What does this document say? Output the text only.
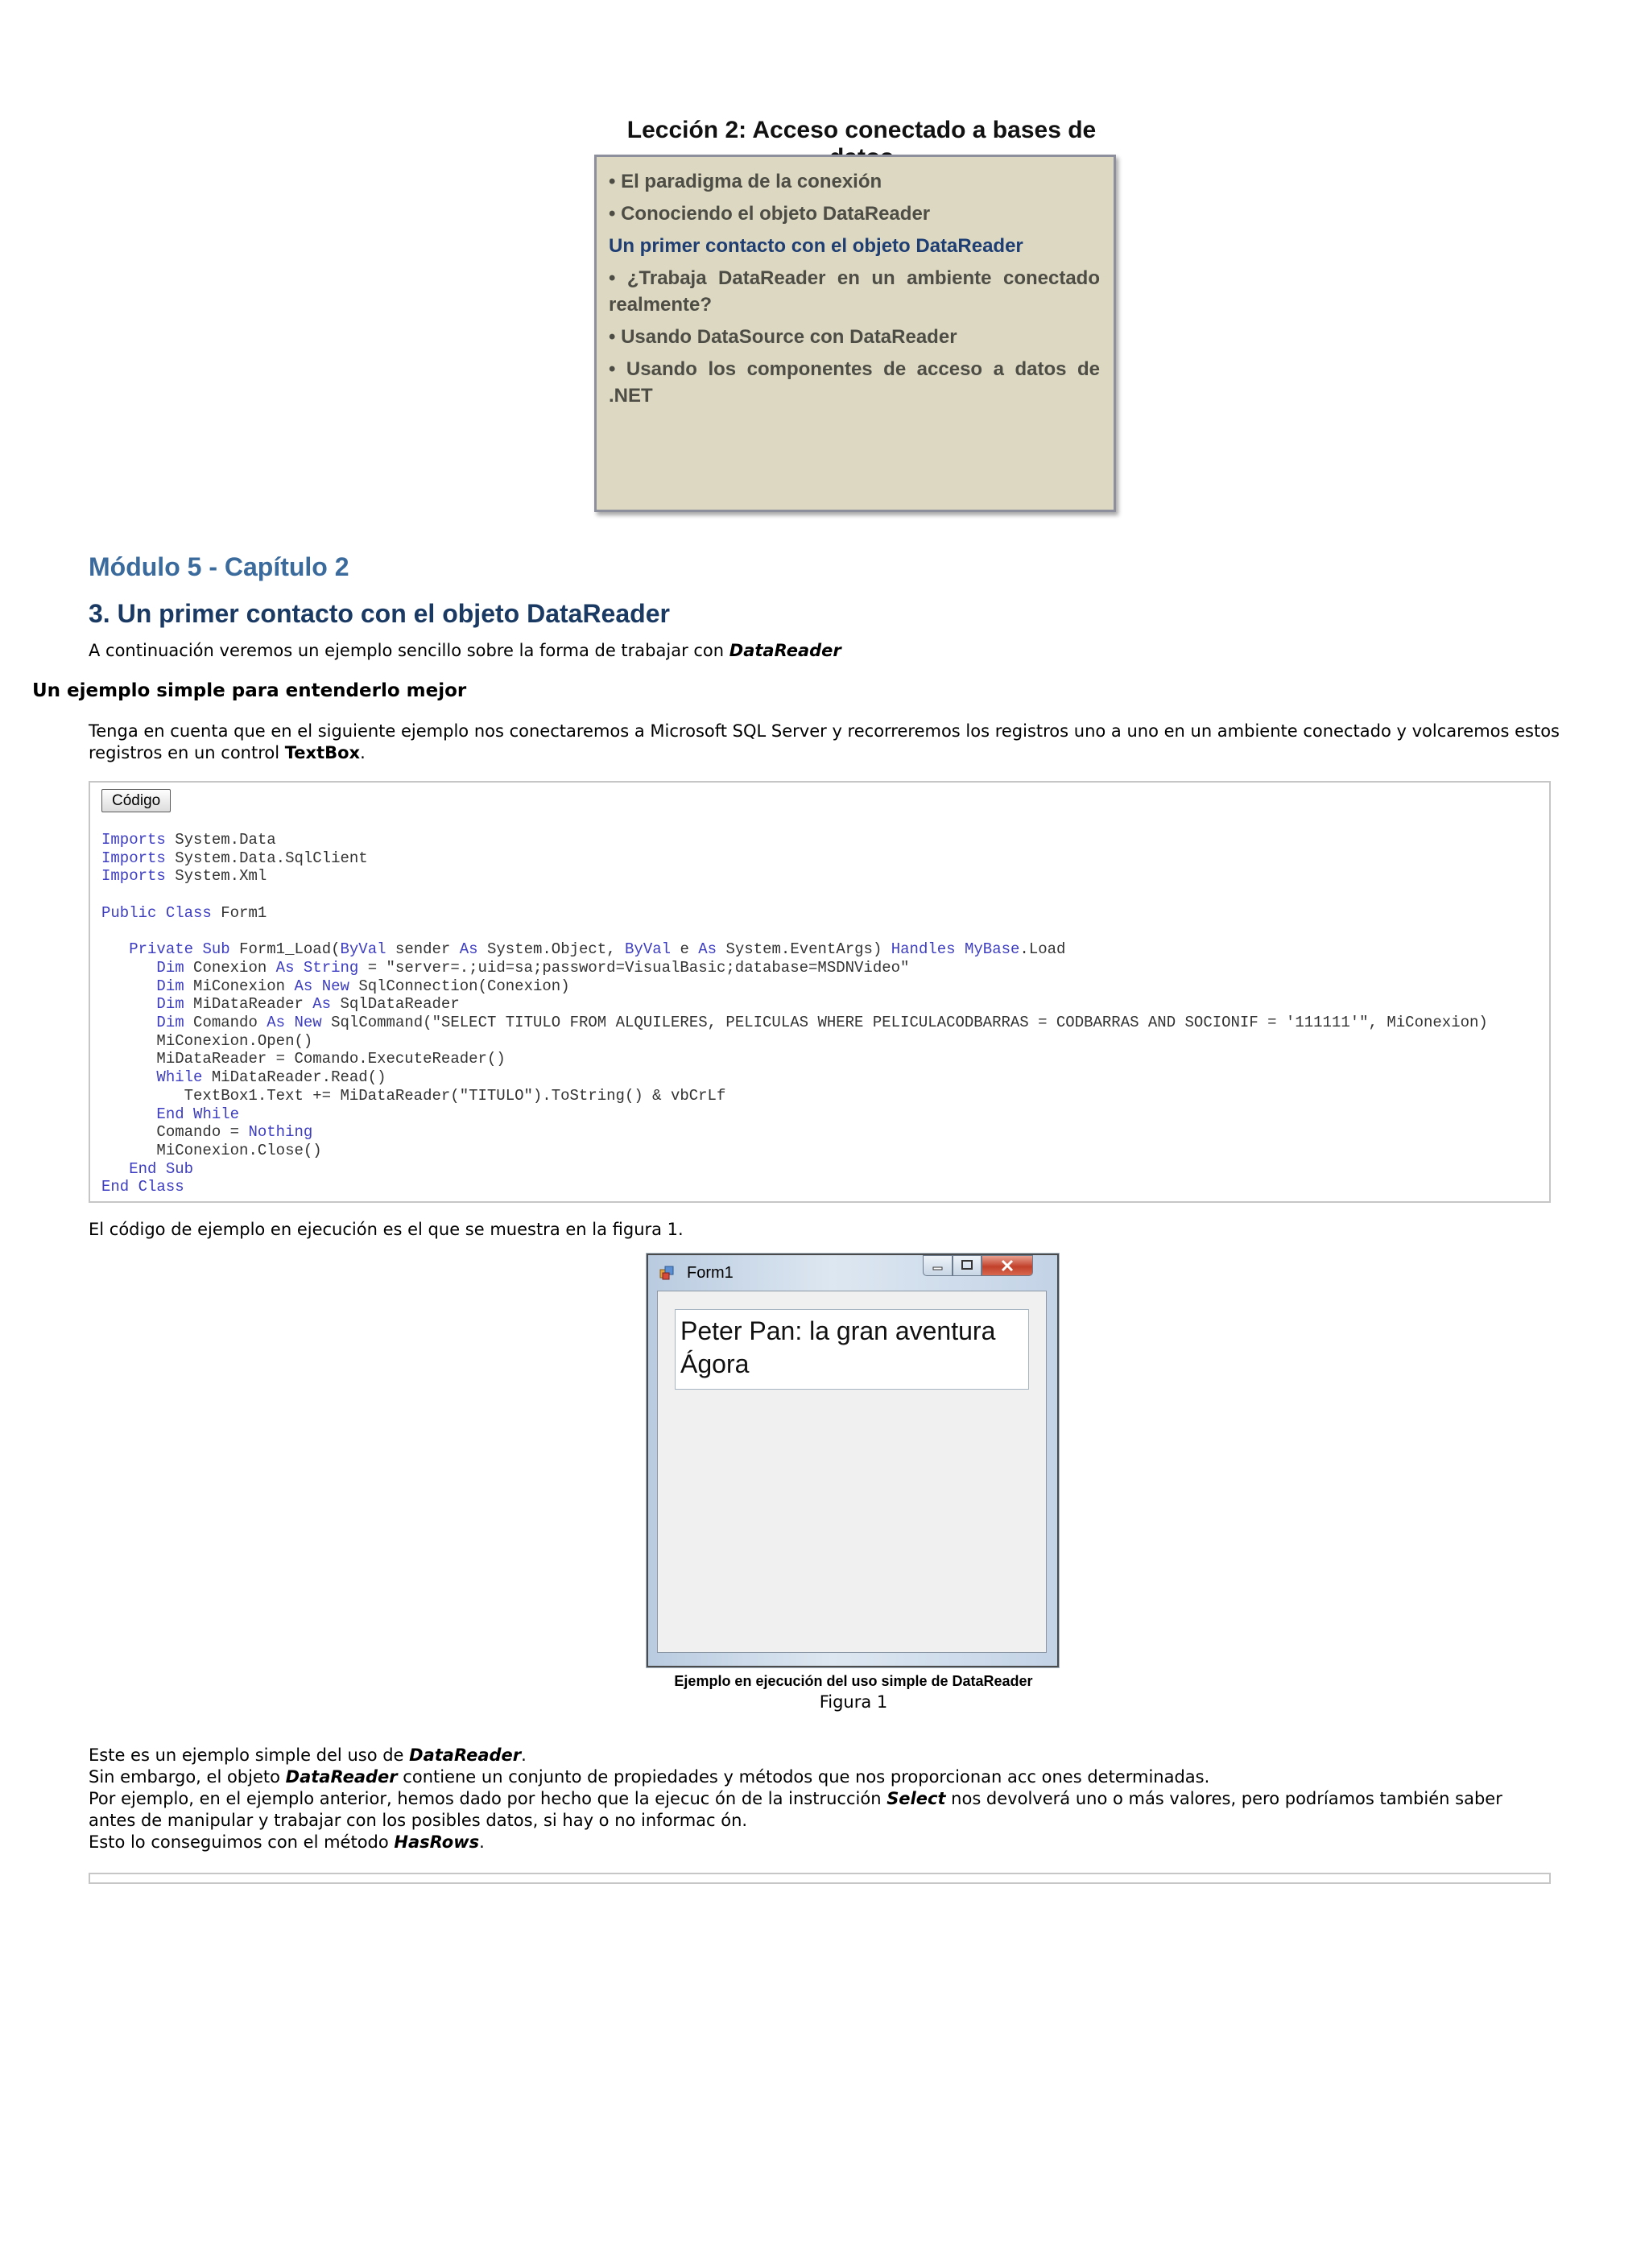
Lección 2: Acceso conectado a bases de
• El paradigma de la conexión
• Conociendo el objeto DataReader
Un primer contacto con el objeto DataReader
• ¿Trabaja DataReader en un ambiente conectado realmente?
• Usando DataSource con DataReader
• Usando los componentes de acceso a datos de .NET
Módulo 5 - Capítulo 2
3. Un primer contacto con el objeto DataReader
A continuación veremos un ejemplo sencillo sobre la forma de trabajar con DataReader
Un ejemplo simple para entenderlo mejor
Tenga en cuenta que en el siguiente ejemplo nos conectaremos a Microsoft SQL Server y recorreremos los registros uno a uno en un ambiente conectado y volcaremos estos registros en un control TextBox.
Código
Imports System.Data
Imports System.Data.SqlClient
Imports System.Xml

Public Class Form1

Private Sub Form1_Load(ByVal sender As System.Object, ByVal e As System.EventArgs) Handles MyBase.Load
Dim Conexion As String = "server=.;uid=sa;password=VisualBasic;database=MSDNVideo"
Dim MiConexion As New SqlConnection(Conexion)
Dim MiDataReader As SqlDataReader
Dim Comando As New SqlCommand("SELECT TITULO FROM ALQUILERES, PELICULAS WHERE PELICULACODBARRAS = CODBARRAS AND SOCIONIF = '111111'", MiConexion)
MiConexion.Open()
MiDataReader = Comando.ExecuteReader()
While MiDataReader.Read()
TextBox1.Text += MiDataReader("TITULO").ToString() & vbCrLf
End While
Comando = Nothing
MiConexion.Close()
End Sub
End Class
El código de ejemplo en ejecución es el que se muestra en la figura 1.
Form1
Peter Pan: la gran aventura
Ágora
Ejemplo en ejecución del uso simple de DataReader
Figura 1
Este es un ejemplo simple del uso de DataReader.
Sin embargo, el objeto DataReader contiene un conjunto de propiedades y métodos que nos proporcionan acc ones determinadas.
Por ejemplo, en el ejemplo anterior, hemos dado por hecho que la ejecuc ón de la instrucción Select nos devolverá uno o más valores, pero podríamos también saber antes de manipular y trabajar con los posibles datos, si hay o no informac ón.
Esto lo conseguimos con el método HasRows.
